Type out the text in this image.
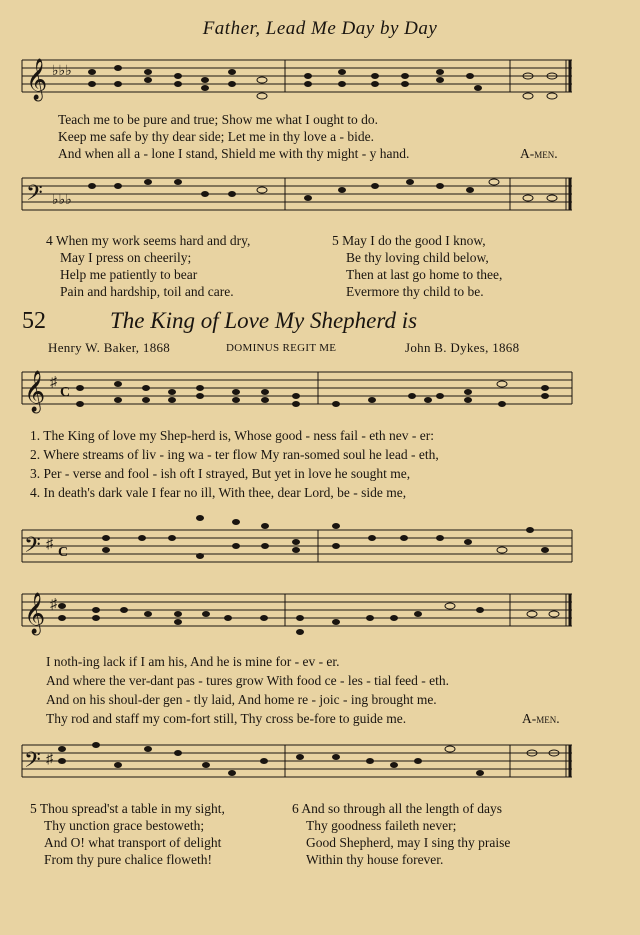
Father, Lead Me Day by Day
𝄞 ♭♭♭
Teach me to be pure and true; Show me what I ought to do.
Keep me safe by thy dear side; Let me in thy love a - bide.
And when all a - lone I stand, Shield me with thy might - y hand.	A-men.
𝄢 ♭♭♭
4 When my work seems hard and dry,
May I press on cheerily;
Help me patiently to bear
Pain and hardship, toil and care.
5 May I do the good I know,
Be thy loving child below,
Then at last go home to thee,
Evermore thy child to be.
52	The King of Love My Shepherd is
Henry W. Baker, 1868	DOMINUS REGIT ME	John B. Dykes, 1868
𝄞 ♯
C
1. The King of love my Shep-herd is, Whose good - ness fail - eth nev - er:
2. Where streams of liv - ing wa - ter flow My ran-somed soul he lead - eth,
3. Per - verse and fool - ish oft I strayed, But yet in love he sought me,
4. In death's dark vale I fear no ill, With thee, dear Lord, be - side me,
𝄢 ♯
C
𝄞 ♯
I noth-ing lack if I am his, And he is mine for - ev - er.
And where the ver-dant pas - tures grow With food ce - les - tial feed - eth.
And on his shoul-der gen - tly laid, And home re - joic - ing brought me.
Thy rod and staff my com-fort still, Thy cross be-fore to guide me.	A-men.
𝄢 ♯
5 Thou spread'st a table in my sight,
Thy unction grace bestoweth;
And O! what transport of delight
From thy pure chalice floweth!
6 And so through all the length of days
Thy goodness faileth never;
Good Shepherd, may I sing thy praise
Within thy house forever.
